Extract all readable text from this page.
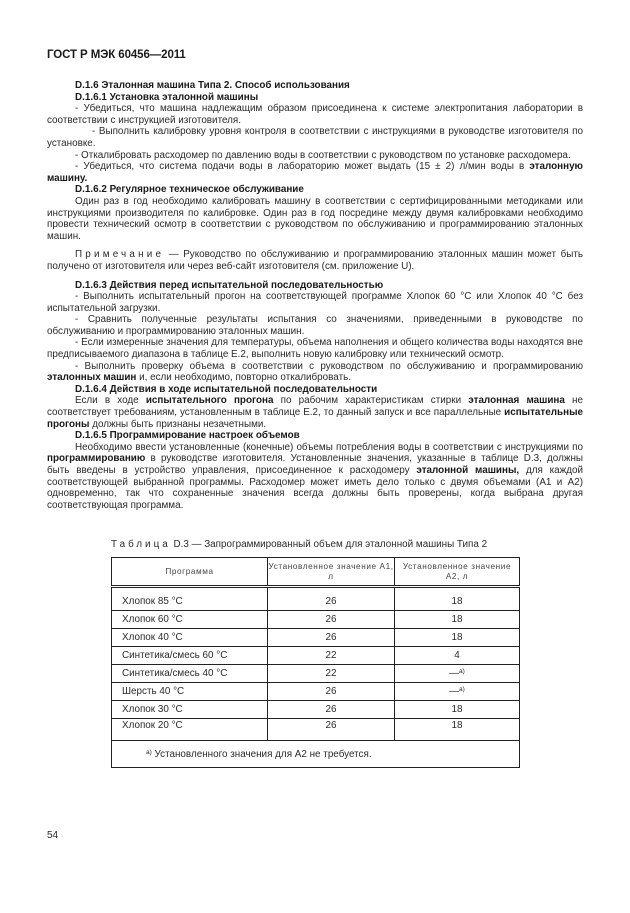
ГОСТ Р МЭК 60456—2011

D.1.6 Эталонная машина Типа 2. Способ использования

D.1.6.1 Установка эталонной машины

- Убедиться, что машина надлежащим образом присоединена к системе электропитания лаборатории в соответствии с инструкцией изготовителя.

- Выполнить калибровку уровня контроля в соответствии с инструкциями в руководстве изготовителя по установке.

- Откалибровать расходомер по давлению воды в соответствии с руководством по установке расходомера.

- Убедиться, что система подачи воды в лабораторию может выдать (15 ± 2) л/мин воды в эталонную машину.

D.1.6.2 Регулярное техническое обслуживание

Один раз в год необходимо калибровать машину в соответствии с сертифицированными методиками или инструкциями производителя по калибровке. Один раз в год посредине между двумя калибровками необходимо провести технический осмотр в соответствии с руководством по обслуживанию и программированию эталонных машин.

Примечание — Руководство по обслуживанию и программированию эталонных машин может быть получено от изготовителя или через веб-сайт изготовителя (см. приложение U).

D.1.6.3 Действия перед испытательной последовательностью

- Выполнить испытательный прогон на соответствующей программе Хлопок 60 °С или Хлопок 40 °С без испытательной загрузки.

- Сравнить полученные результаты испытания со значениями, приведенными в руководстве по обслуживанию и программированию эталонных машин.

- Если измеренные значения для температуры, объема наполнения и общего количества воды находятся вне предписываемого диапазона в таблице Е.2, выполнить новую калибровку или технический осмотр.

- Выполнить проверку объема в соответствии с руководством по обслуживанию и программированию эталонных машин и, если необходимо, повторно откалибровать.

D.1.6.4 Действия в ходе испытательной последовательности

Если в ходе испытательного прогона по рабочим характеристикам стирки эталонная машина не соответствует требованиям, установленным в таблице Е.2, то данный запуск и все параллельные испытательные прогоны должны быть признаны незачетными.

D.1.6.5 Программирование настроек объемов

Необходимо ввести установленные (конечные) объемы потребления воды в соответствии с инструкциями по программированию в руководстве изготовителя. Установленные значения, указанные в таблице D.3, должны быть введены в устройство управления, присоединенное к расходомеру эталонной машины, для каждой соответствующей выбранной программы. Расходомер может иметь дело только с двумя объемами (А1 и А2) одновременно, так что сохраненные значения всегда должны быть проверены, когда выбрана другая соответствующая программа.

Таблица D.3 — Запрограммированный объем для эталонной машины Типа 2
Программа	Установленное значение А1, л	Установленное значение А2, л
Хлопок 85 °С	26	18
Хлопок 60 °С	26	18
Хлопок 40 °С	26	18
Синтетика/смесь 60 °С	22	4
Синтетика/смесь 40 °С	22	—$^{a)}$
Шерсть 40 °С	26	—$^{a)}$
Хлопок 30 °С	26	18
Хлопок 20 °С	26	18
$^{a)}$ Установленного значения для А2 не требуется.		
54
